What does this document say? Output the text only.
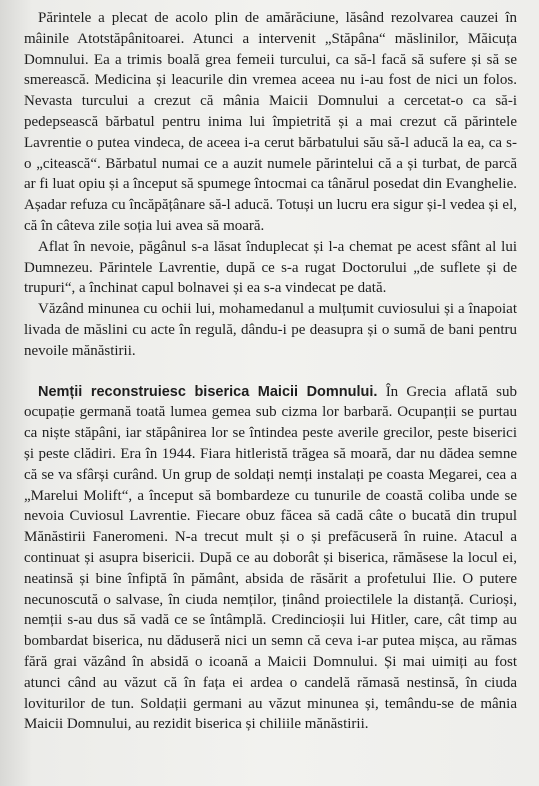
Părintele a plecat de acolo plin de amărăciune, lăsând rezolvarea cauzei în mâinile Atotstăpânitoarei. Atunci a intervenit „Stăpâna“ măslinilor, Măicuța Domnului. Ea a trimis boală grea femeii turcului, ca să-l facă să sufere și să se smerească. Medicina și leacurile din vremea aceea nu i-au fost de nici un folos. Nevasta turcului a crezut că mânia Maicii Domnului a cercetat-o ca să-i pedepsească bărbatul pentru inima lui împietrită și a mai crezut că părintele Lavrentie o putea vindeca, de aceea i-a cerut bărbatului său să-l aducă la ea, ca s-o „citească“. Bărbatul numai ce a auzit numele părintelui că a și turbat, de parcă ar fi luat opiu și a început să spumege întocmai ca tânărul posedat din Evanghelie. Așadar refuza cu încăpățânare să-l aducă. Totuși un lucru era sigur și-l vedea și el, că în câteva zile soția lui avea să moară.

Aflat în nevoie, păgânul s-a lăsat înduplecat și l-a chemat pe acest sfânt al lui Dumnezeu. Părintele Lavrentie, după ce s-a rugat Doctorului „de suflete și de trupuri“, a închinat capul bolnavei și ea s-a vindecat pe dată.

Văzând minunea cu ochii lui, mohamedanul a mulțumit cuviosului și a înapoiat livada de măslini cu acte în regulă, dându-i pe deasupra și o sumă de bani pentru nevoile mănăstirii.

Nemții reconstruiesc biserica Maicii Domnului. În Grecia aflată sub ocupație germană toată lumea gemea sub cizma lor barbară. Ocupanții se purtau ca niște stăpâni, iar stăpânirea lor se întindea peste averile grecilor, peste biserici și peste clădiri. Era în 1944. Fiara hitleristă trăgea să moară, dar nu dădea semne că se va sfârși curând. Un grup de soldați nemți instalați pe coasta Megarei, cea a „Marelui Molift“, a început să bombardeze cu tunurile de coastă coliba unde se nevoia Cuviosul Lavrentie. Fiecare obuz făcea să cadă câte o bucată din trupul Mănăstirii Faneromeni. N-a trecut mult și o și prefăcuseră în ruine. Atacul a continuat și asupra bisericii. După ce au doborât și biserica, rămăsese la locul ei, neatinsă și bine înfiptă în pământ, absida de răsărit a profetului Ilie. O putere necunoscută o salvase, în ciuda nemților, ținând proiectilele la distanță. Curioși, nemții s-au dus să vadă ce se întâmplă. Credincioșii lui Hitler, care, cât timp au bombardat biserica, nu dăduseră nici un semn că ceva i-ar putea mișca, au rămas fără grai văzând în absidă o icoană a Maicii Domnului. Și mai uimiți au fost atunci când au văzut că în fața ei ardea o candelă rămasă nestinsă, în ciuda loviturilor de tun. Soldații germani au văzut minunea și, temându-se de mânia Maicii Domnului, au rezidit biserica și chiliile mănăstirii.
